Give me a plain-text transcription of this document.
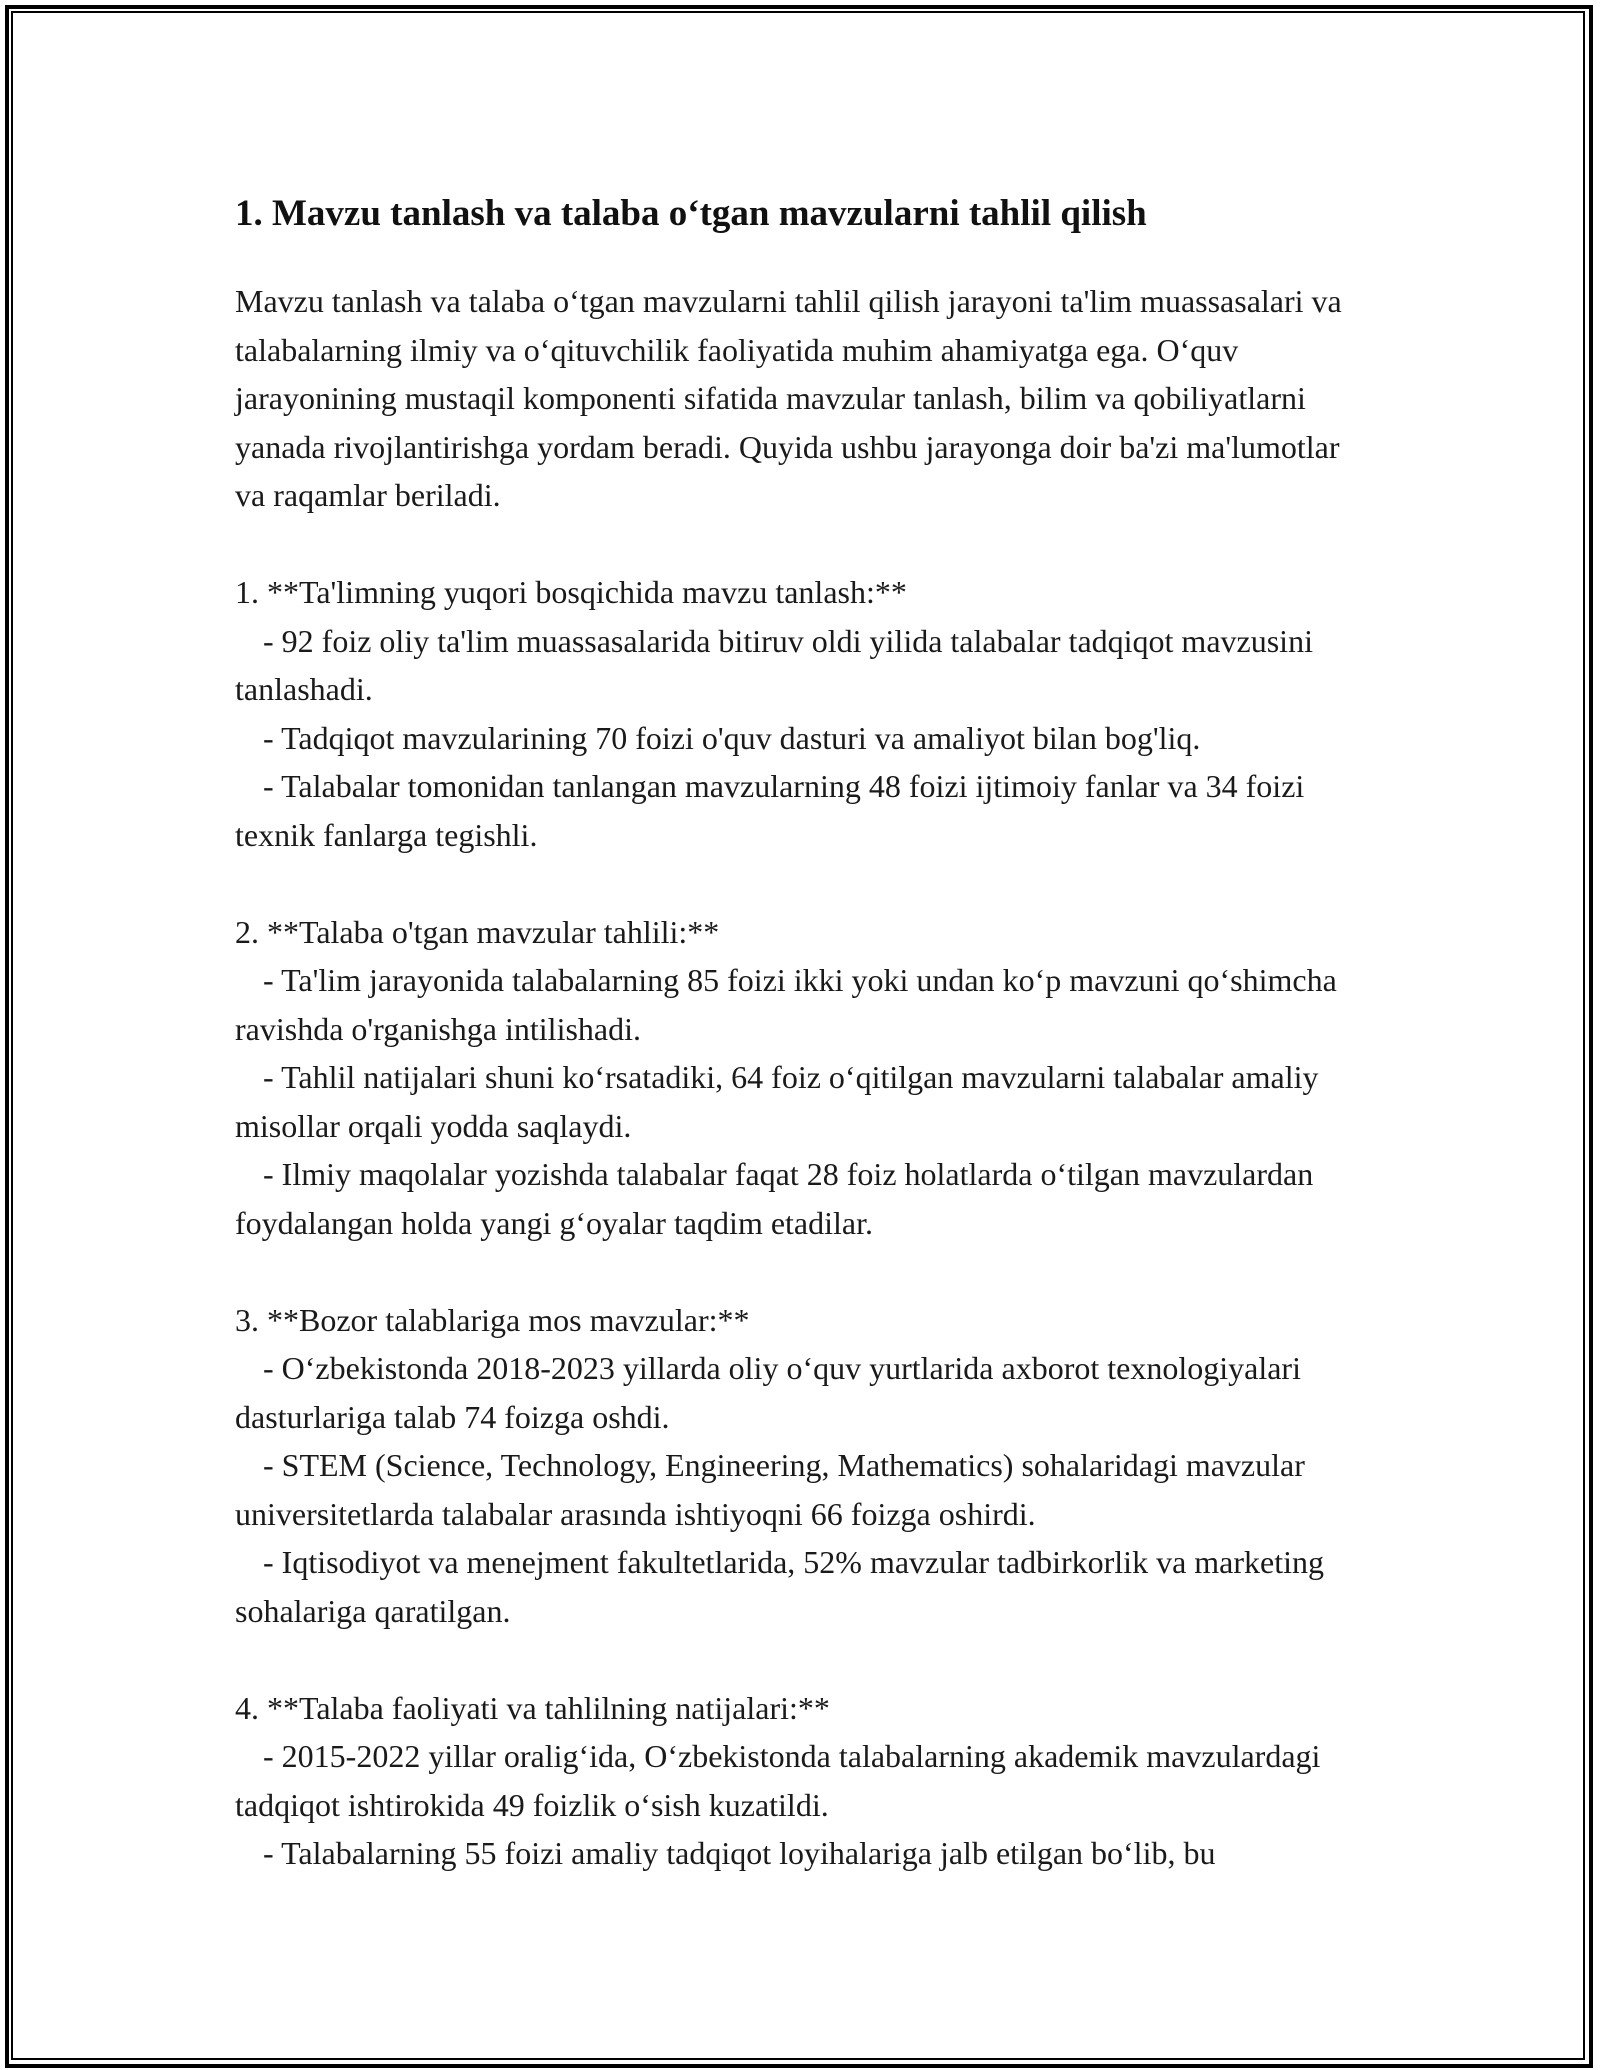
1. Mavzu tanlash va talaba o‘tgan mavzularni tahlil qilish

Mavzu tanlash va talaba o‘tgan mavzularni tahlil qilish jarayoni ta'lim muassasalari va talabalarning ilmiy va o‘qituvchilik faoliyatida muhim ahamiyatga ega. O‘quv jarayonining mustaqil komponenti sifatida mavzular tanlash, bilim va qobiliyatlarni yanada rivojlantirishga yordam beradi. Quyida ushbu jarayonga doir ba'zi ma'lumotlar va raqamlar beriladi.

1. **Ta'limning yuqori bosqichida mavzu tanlash:**

- 92 foiz oliy ta'lim muassasalarida bitiruv oldi yilida talabalar tadqiqot mavzusini tanlashadi.

- Tadqiqot mavzularining 70 foizi o'quv dasturi va amaliyot bilan bog'liq.

- Talabalar tomonidan tanlangan mavzularning 48 foizi ijtimoiy fanlar va 34 foizi texnik fanlarga tegishli.

2. **Talaba o'tgan mavzular tahlili:**

- Ta'lim jarayonida talabalarning 85 foizi ikki yoki undan ko‘p mavzuni qo‘shimcha ravishda o'rganishga intilishadi.

- Tahlil natijalari shuni ko‘rsatadiki, 64 foiz o‘qitilgan mavzularni talabalar amaliy misollar orqali yodda saqlaydi.

- Ilmiy maqolalar yozishda talabalar faqat 28 foiz holatlarda o‘tilgan mavzulardan foydalangan holda yangi g‘oyalar taqdim etadilar.

3. **Bozor talablariga mos mavzular:**

- O‘zbekistonda 2018-2023 yillarda oliy o‘quv yurtlarida axborot texnologiyalari dasturlariga talab 74 foizga oshdi.

- STEM (Science, Technology, Engineering, Mathematics) sohalaridagi mavzular universitetlarda talabalar arasında ishtiyoqni 66 foizga oshirdi.

- Iqtisodiyot va menejment fakultetlarida, 52% mavzular tadbirkorlik va marketing sohalariga qaratilgan.

4. **Talaba faoliyati va tahlilning natijalari:**

- 2015-2022 yillar oralig‘ida, O‘zbekistonda talabalarning akademik mavzulardagi tadqiqot ishtirokida 49 foizlik o‘sish kuzatildi.

- Talabalarning 55 foizi amaliy tadqiqot loyihalariga jalb etilgan bo‘lib, bu
